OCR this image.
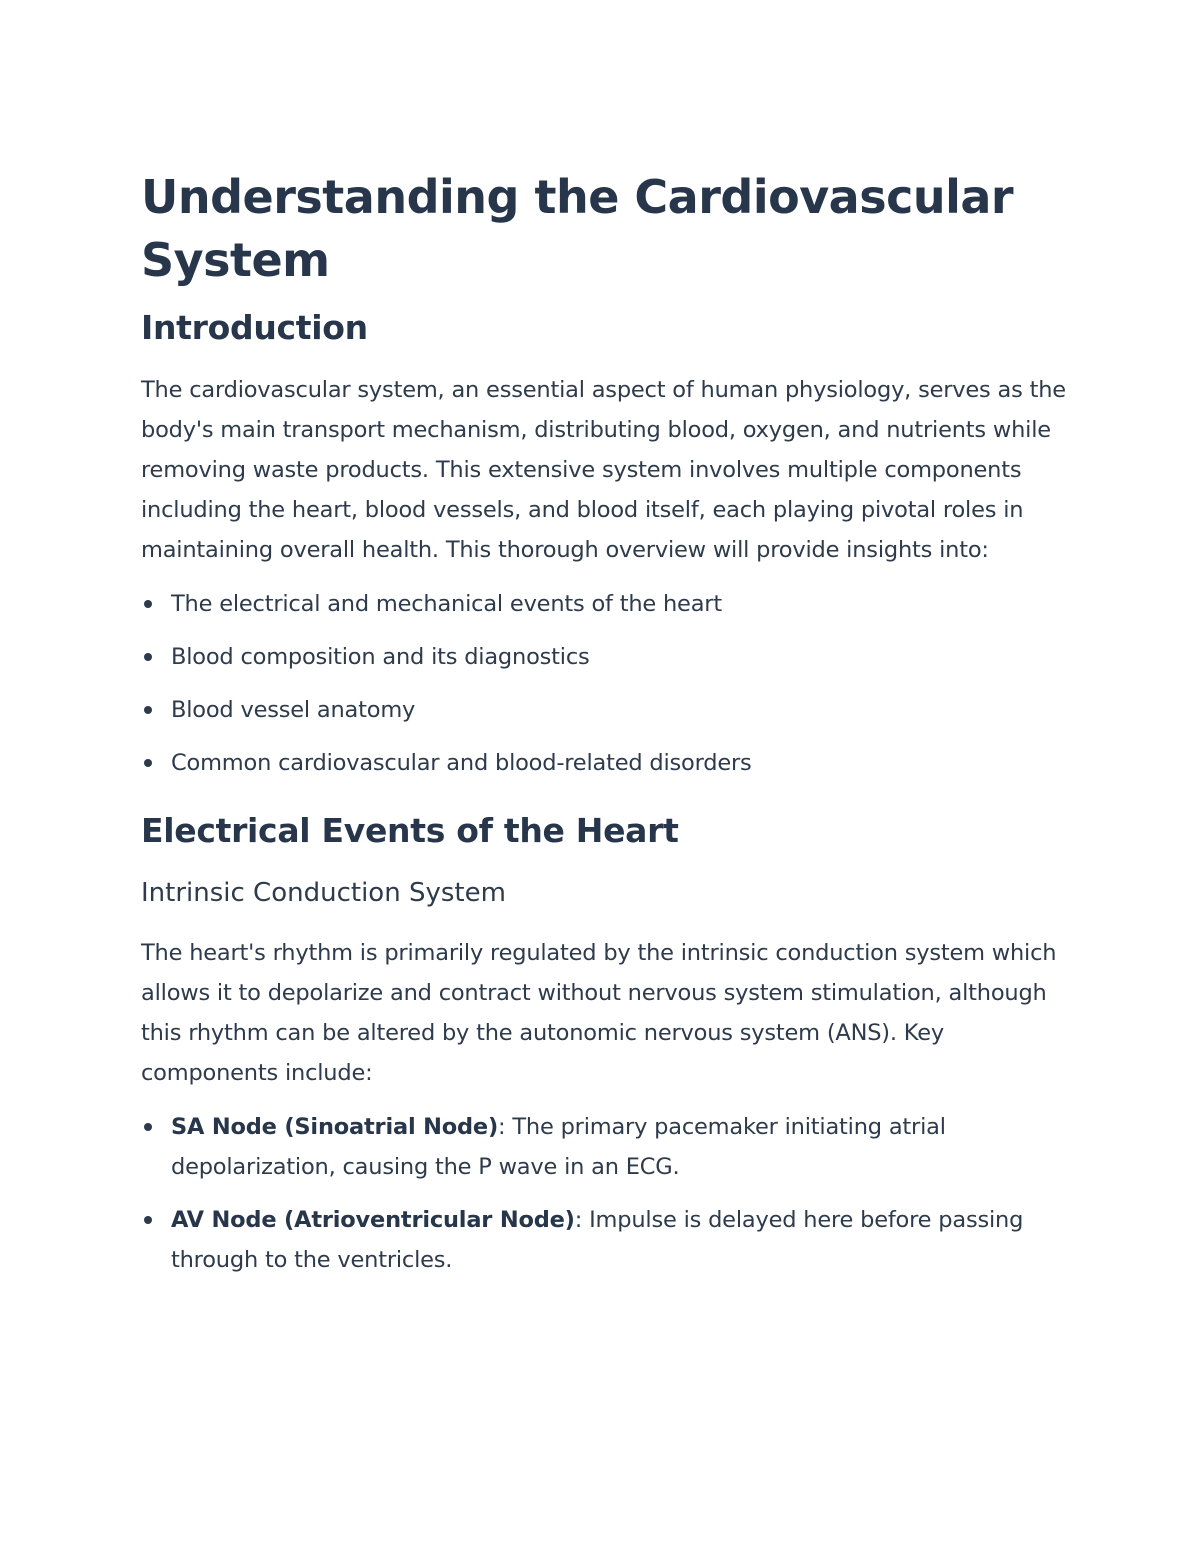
Understanding the Cardiovascular System
Introduction

The cardiovascular system, an essential aspect of human physiology, serves as the body's main transport mechanism, distributing blood, oxygen, and nutrients while removing waste products. This extensive system involves multiple components including the heart, blood vessels, and blood itself, each playing pivotal roles in maintaining overall health. This thorough overview will provide insights into:

The electrical and mechanical events of the heart
Blood composition and its diagnostics
Blood vessel anatomy
Common cardiovascular and blood-related disorders
Electrical Events of the Heart
Intrinsic Conduction System

The heart's rhythm is primarily regulated by the intrinsic conduction system which allows it to depolarize and contract without nervous system stimulation, although this rhythm can be altered by the autonomic nervous system (ANS). Key components include:

SA Node (Sinoatrial Node): The primary pacemaker initiating atrial depolarization, causing the P wave in an ECG.
AV Node (Atrioventricular Node): Impulse is delayed here before passing through to the ventricles.
